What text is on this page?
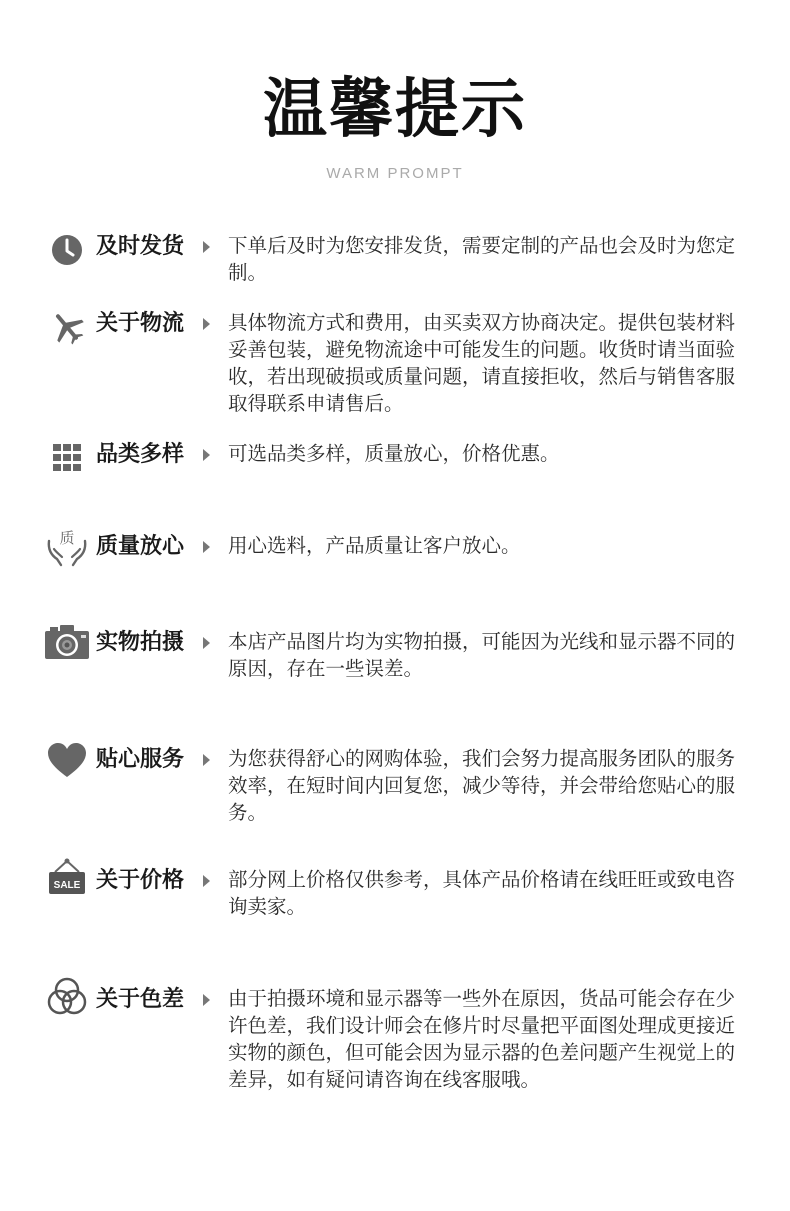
温馨提示
WARM PROMPT
及时发货 下单后及时为您安排发货，需要定制的产品也会及时为您定制。
关于物流 具体物流方式和费用，由买卖双方协商决定。提供包装材料妥善包装，避免物流途中可能发生的问题。收货时请当面验收，若出现破损或质量问题，请直接拒收，然后与销售客服取得联系申请售后。
品类多样 可选品类多样，质量放心，价格优惠。
质 质量放心 用心选料，产品质量让客户放心。
实物拍摄 本店产品图片均为实物拍摄，可能因为光线和显示器不同的原因，存在一些误差。
贴心服务 为您获得舒心的网购体验，我们会努力提高服务团队的服务效率，在短时间内回复您，减少等待，并会带给您贴心的服务。
SALE 关于价格 部分网上价格仅供参考，具体产品价格请在线旺旺或致电咨询卖家。
关于色差 由于拍摄环境和显示器等一些外在原因，货品可能会存在少许色差，我们设计师会在修片时尽量把平面图处理成更接近实物的颜色，但可能会因为显示器的色差问题产生视觉上的差异，如有疑问请咨询在线客服哦。
